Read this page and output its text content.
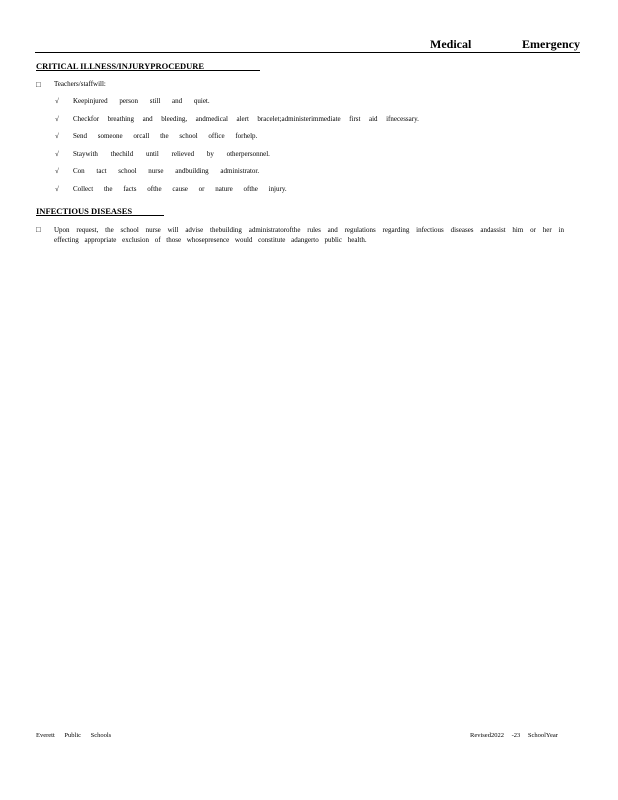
Medical	Emergency
CRITICAL ILLNESS/INJURYPROCEDURE
□	Teachers/staffwill:
√ Keepinjured person still and quiet.
√ Checkfor breathing and bleeding, andmedical alert bracelet;administerimmediate first aid ifnecessary.
√ Send someone orcall the school office forhelp.
√ Staywith thechild until relieved by otherpersonnel.
√ Con tact school nurse andbuilding administrator.
√ Collect the facts ofthe cause or nature ofthe injury.
INFECTIOUS DISEASES
□	Upon request, the school nurse will advise thebuilding administratorofthe rules and regulations regarding infectious diseases andassist him or her in effecting appropriate exclusion of those whosepresence would constitute adangerto public health.
Everett Public Schools	Revised2022 -23 SchoolYear
